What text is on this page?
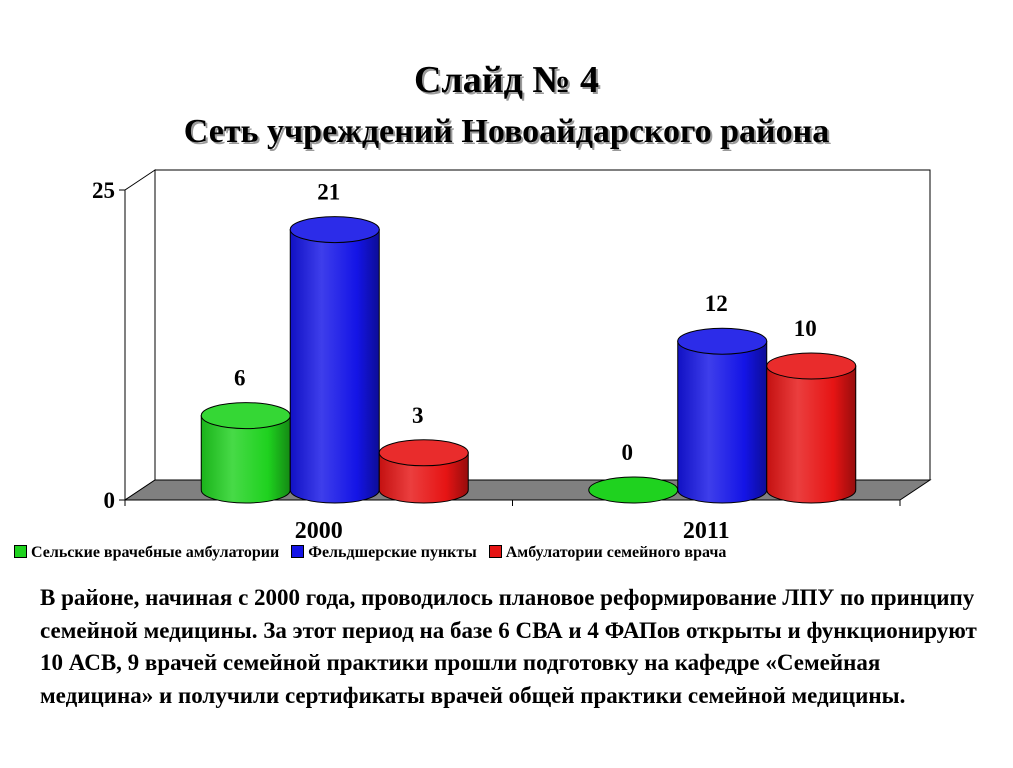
Слайд № 4
Сеть учреждений Новоайдарского района
0
25
2000	2011
6
21
3
0
12
10
Сельские врачебные амбулатории Фельдшерские пункты Амбулатории семейного врача
В районе, начиная с 2000 года, проводилось плановое реформирование ЛПУ по принципу семейной медицины. За этот период на базе 6 СВА и 4 ФАПов открыты и функционируют 10 АСВ, 9 врачей семейной практики прошли подготовку на кафедре «Семейная медицина» и получили сертификаты врачей общей практики семейной медицины.
